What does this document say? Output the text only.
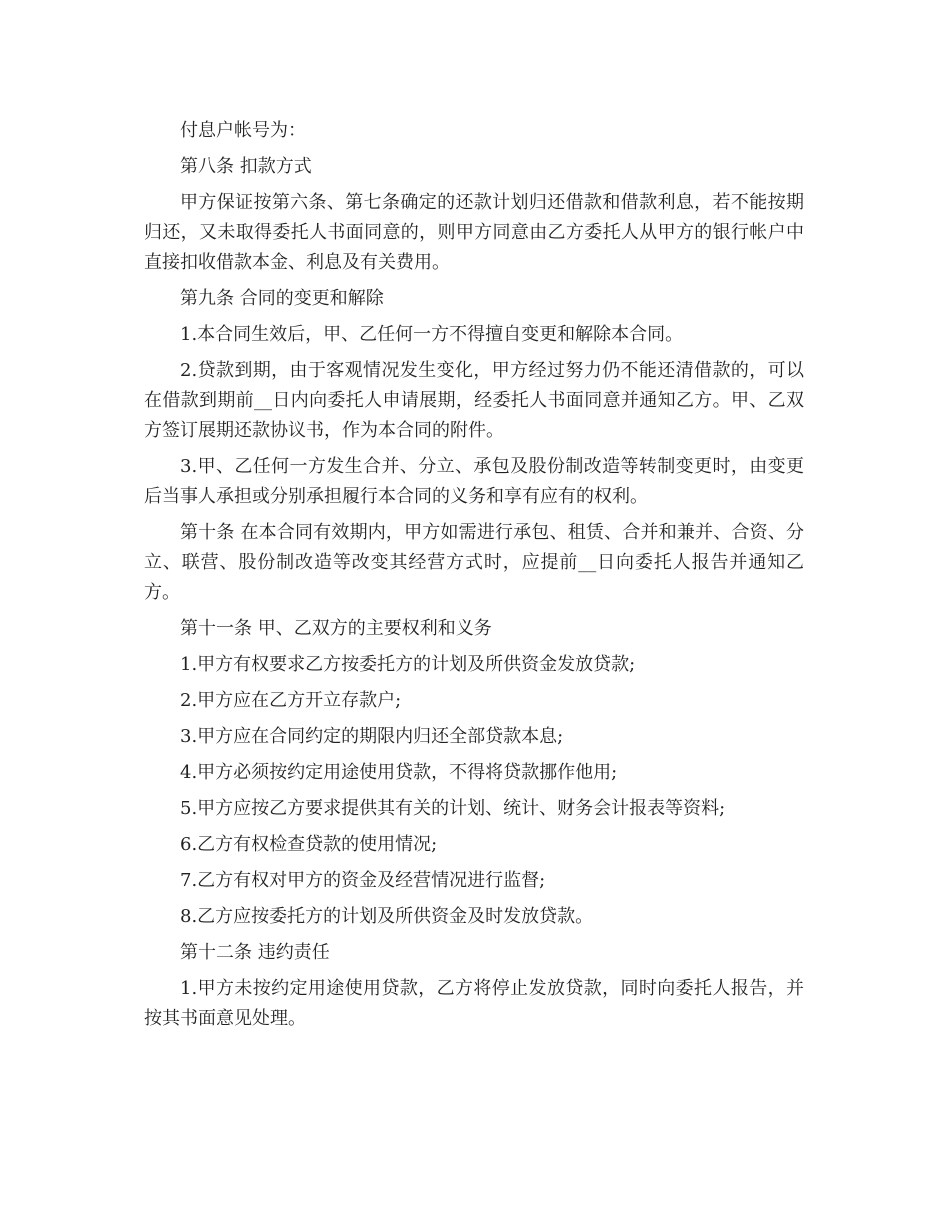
付息户帐号为：

第八条 扣款方式

甲方保证按第六条、第七条确定的还款计划归还借款和借款利息，若不能按期归还，又未取得委托人书面同意的，则甲方同意由乙方委托人从甲方的银行帐户中直接扣收借款本金、利息及有关费用。

第九条 合同的变更和解除

1.本合同生效后，甲、乙任何一方不得擅自变更和解除本合同。

2.贷款到期，由于客观情况发生变化，甲方经过努力仍不能还清借款的，可以在借款到期前__日内向委托人申请展期，经委托人书面同意并通知乙方。甲、乙双方签订展期还款协议书，作为本合同的附件。

3.甲、乙任何一方发生合并、分立、承包及股份制改造等转制变更时，由变更后当事人承担或分别承担履行本合同的义务和享有应有的权利。

第十条 在本合同有效期内，甲方如需进行承包、租赁、合并和兼并、合资、分立、联营、股份制改造等改变其经营方式时，应提前__日向委托人报告并通知乙方。

第十一条 甲、乙双方的主要权利和义务

1.甲方有权要求乙方按委托方的计划及所供资金发放贷款;

2.甲方应在乙方开立存款户;

3.甲方应在合同约定的期限内归还全部贷款本息;

4.甲方必须按约定用途使用贷款，不得将贷款挪作他用;

5.甲方应按乙方要求提供其有关的计划、统计、财务会计报表等资料;

6.乙方有权检查贷款的使用情况;

7.乙方有权对甲方的资金及经营情况进行监督;

8.乙方应按委托方的计划及所供资金及时发放贷款。

第十二条 违约责任

1.甲方未按约定用途使用贷款，乙方将停止发放贷款，同时向委托人报告，并按其书面意见处理。
